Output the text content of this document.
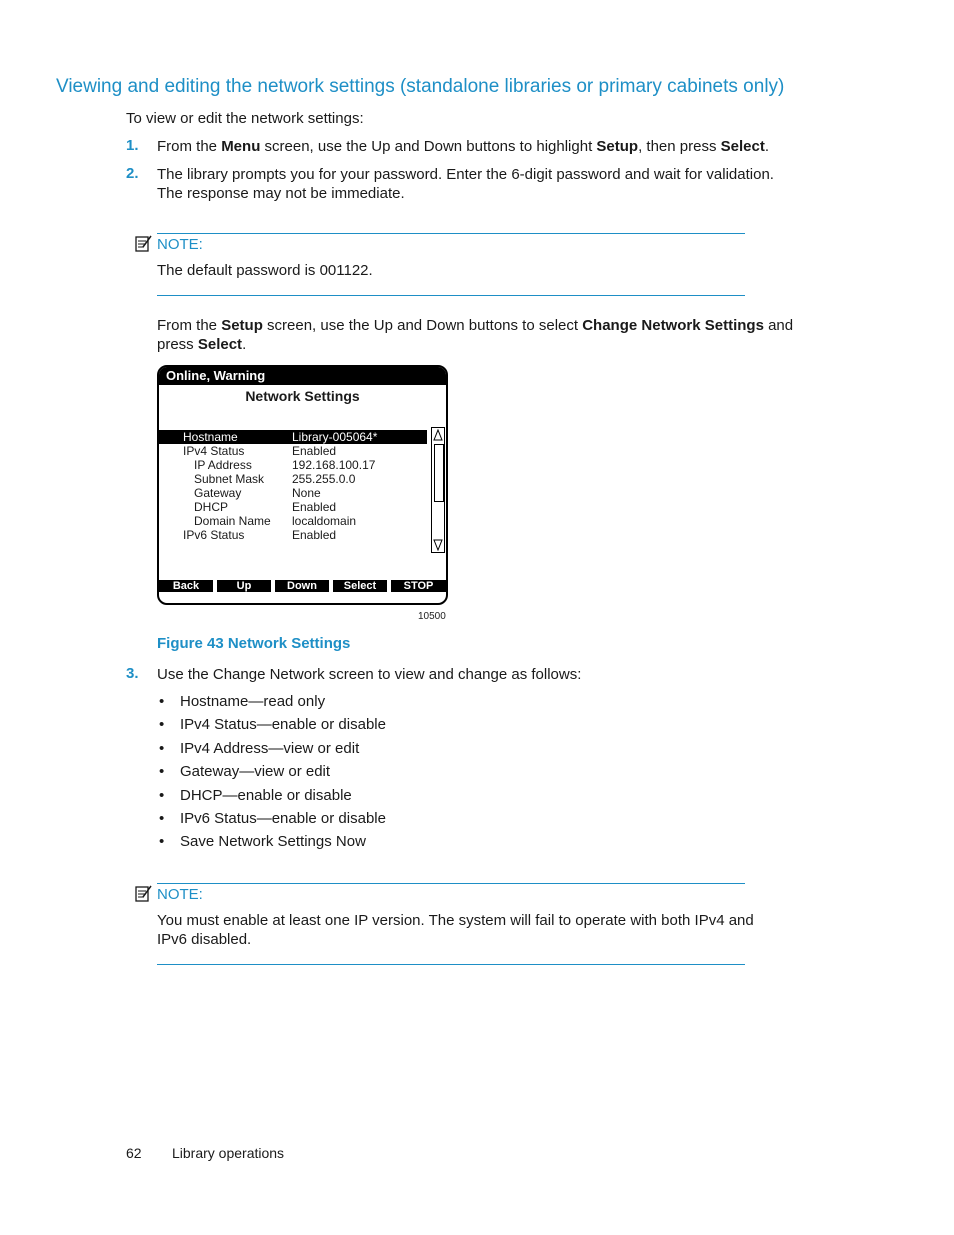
Viewing and editing the network settings (standalone libraries or primary cabinets only)
To view or edit the network settings:
1. From the Menu screen, use the Up and Down buttons to highlight Setup, then press Select.
2. The library prompts you for your password. Enter the 6-digit password and wait for validation.
The response may not be immediate.
NOTE:
The default password is 001122.
From the Setup screen, use the Up and Down buttons to select Change Network Settings and
press Select.
Online, Warning
Network Settings
Hostname	Library-005064*
IPv4 Status	Enabled
IP Address	192.168.100.17
Subnet Mask 255.255.0.0
Gateway	None
DHCP	Enabled
Domain Name localdomain
IPv6 Status	Enabled
Back	Up	Down	Select	STOP
10500
Figure 43 Network Settings
3. Use the Change Network screen to view and change as follows:
• Hostname—read only
• IPv4 Status—enable or disable
• IPv4 Address—view or edit
• Gateway—view or edit
• DHCP—enable or disable
• IPv6 Status—enable or disable
• Save Network Settings Now
NOTE:
You must enable at least one IP version. The system will fail to operate with both IPv4 and
IPv6 disabled.
62 Library operations
